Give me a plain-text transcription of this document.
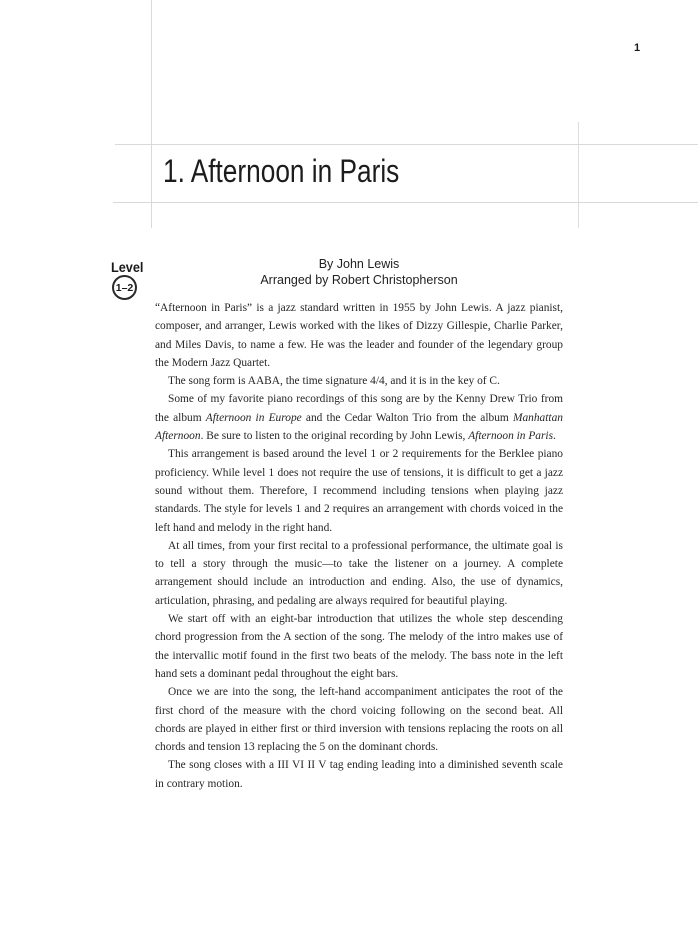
1
1. Afternoon in Paris
Level
1–2
By John Lewis
Arranged by Robert Christopherson

“Afternoon in Paris” is a jazz standard written in 1955 by John Lewis. A jazz pianist, composer, and arranger, Lewis worked with the likes of Dizzy Gillespie, Charlie Parker, and Miles Davis, to name a few. He was the leader and founder of the legendary group the Modern Jazz Quartet.

The song form is AABA, the time signature 4/4, and it is in the key of C.

Some of my favorite piano recordings of this song are by the Kenny Drew Trio from the album Afternoon in Europe and the Cedar Walton Trio from the album Manhattan Afternoon. Be sure to listen to the original recording by John Lewis, Afternoon in Paris.

This arrangement is based around the level 1 or 2 requirements for the Berklee piano proficiency. While level 1 does not require the use of tensions, it is difficult to get a jazz sound without them. Therefore, I recommend including tensions when playing jazz standards. The style for levels 1 and 2 requires an arrangement with chords voiced in the left hand and melody in the right hand.

At all times, from your first recital to a professional performance, the ultimate goal is to tell a story through the music—to take the listener on a journey. A complete arrangement should include an introduction and ending. Also, the use of dynamics, articulation, phrasing, and pedaling are always required for beautiful playing.

We start off with an eight-bar introduction that utilizes the whole step descending chord progression from the A section of the song. The melody of the intro makes use of the intervallic motif found in the first two beats of the melody. The bass note in the left hand sets a dominant pedal throughout the eight bars.

Once we are into the song, the left-hand accompaniment anticipates the root of the first chord of the measure with the chord voicing following on the second beat. All chords are played in either first or third inversion with tensions replacing the roots on all chords and tension 13 replacing the 5 on the dominant chords.

The song closes with a III VI II V tag ending leading into a diminished seventh scale in contrary motion.
